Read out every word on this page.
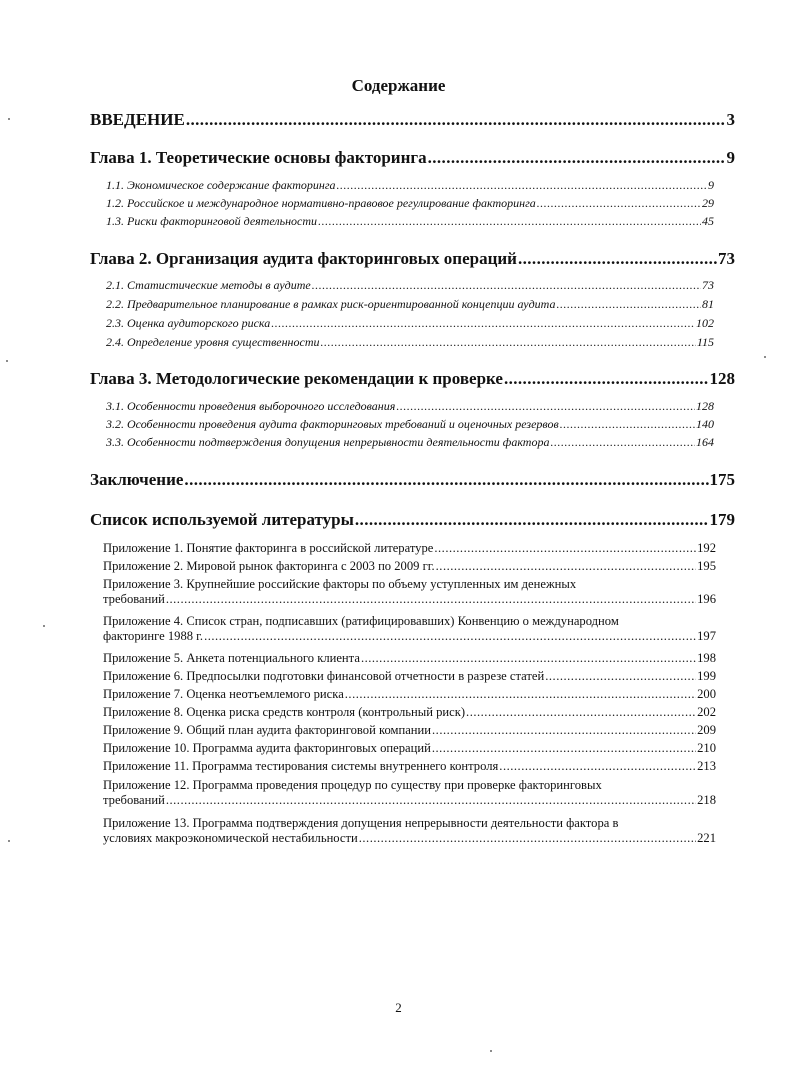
Содержание
ВВЕДЕНИЕ .....	3
Глава 1. Теоретические основы факторинга .....	9
1.1. Экономическое содержание факторинга .....	9
1.2. Российское и международное нормативно-правовое регулирование факторинга .....	29
1.3. Риски факторинговой деятельности .....	45
Глава 2. Организация аудита факторинговых операций .....	73
2.1. Статистические методы в аудите .....	73
2.2. Предварительное планирование в рамках риск-ориентированной концепции аудита .....	81
2.3. Оценка аудиторского риска .....	102
2.4. Определение уровня существенности .....	115
Глава 3. Методологические рекомендации к проверке .....	128
3.1. Особенности проведения выборочного исследования .....	128
3.2. Особенности проведения аудита факторинговых требований и оценочных резервов .....	140
3.3. Особенности подтверждения допущения непрерывности деятельности фактора .....	164
Заключение .....	175
Список используемой литературы .....	179
Приложение 1. Понятие факторинга в российской литературе .....	192
Приложение 2. Мировой рынок факторинга с 2003 по 2009 гг. .....	195
Приложение 3. Крупнейшие российские факторы по объему уступленных им денежных
требований .....	196
Приложение 4. Список стран, подписавших (ратифицировавших) Конвенцию о международном
факторинге 1988 г. .....	197
Приложение 5. Анкета потенциального клиента .....	198
Приложение 6. Предпосылки подготовки финансовой отчетности в разрезе статей .....	199
Приложение 7. Оценка неотъемлемого риска .....	200
Приложение 8. Оценка риска средств контроля (контрольный риск) .....	202
Приложение 9. Общий план аудита факторинговой компании .....	209
Приложение 10. Программа аудита факторинговых операций .....	210
Приложение 11. Программа тестирования системы внутреннего контроля .....	213
Приложение 12. Программа проведения процедур по существу при проверке факторинговых
требований .....	218
Приложение 13. Программа подтверждения допущения непрерывности деятельности фактора в
условиях макроэкономической нестабильности .....	221
2
